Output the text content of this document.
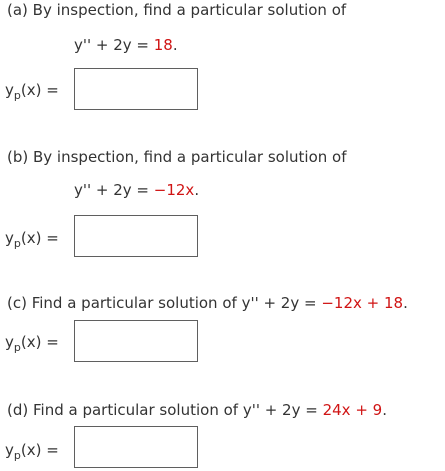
(a) By inspection, find a particular solution of
y'' + 2y = 18.
$y_p(x)$ =
(b) By inspection, find a particular solution of
y'' + 2y = −12x.
$y_p(x)$ =
(c) Find a particular solution of y'' + 2y = −12x + 18.
$y_p(x)$ =
(d) Find a particular solution of y'' + 2y = 24x + 9.
$y_p(x)$ =
